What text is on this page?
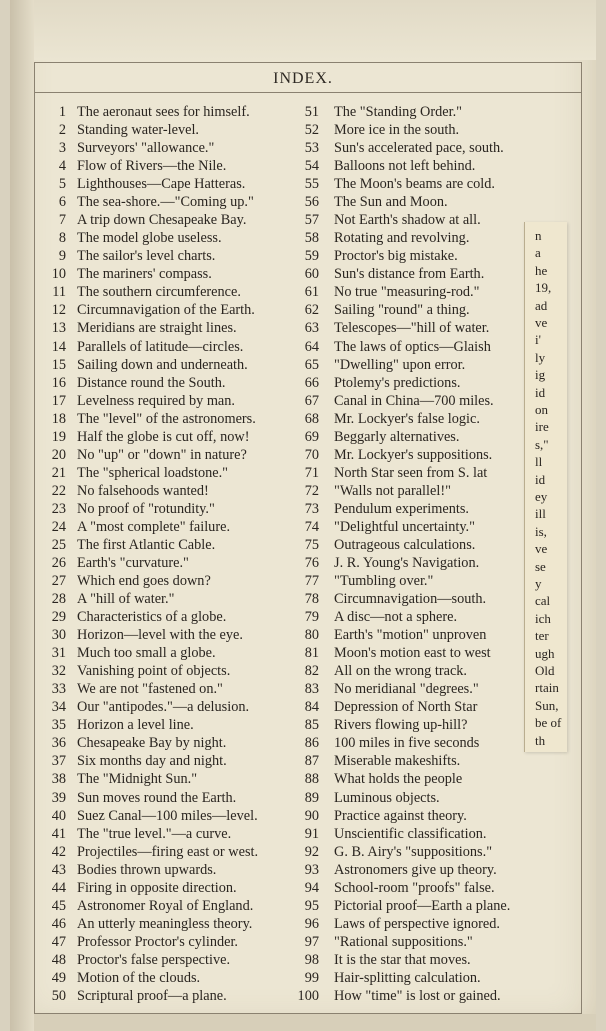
INDEX.
1 The aeronaut sees for himself.
2 Standing water-level.
3 Surveyors' "allowance."
4 Flow of Rivers—the Nile.
5 Lighthouses—Cape Hatteras.
6 The sea-shore.—"Coming up."
7 A trip down Chesapeake Bay.
8 The model globe useless.
9 The sailor's level charts.
10 The mariners' compass.
11 The southern circumference.
12 Circumnavigation of the Earth.
13 Meridians are straight lines.
14 Parallels of latitude—circles.
15 Sailing down and underneath.
16 Distance round the South.
17 Levelness required by man.
18 The "level" of the astronomers.
19 Half the globe is cut off, now!
20 No "up" or "down" in nature?
21 The "spherical loadstone."
22 No falsehoods wanted!
23 No proof of "rotundity."
24 A "most complete" failure.
25 The first Atlantic Cable.
26 Earth's "curvature."
27 Which end goes down?
28 A "hill of water."
29 Characteristics of a globe.
30 Horizon—level with the eye.
31 Much too small a globe.
32 Vanishing point of objects.
33 We are not "fastened on."
34 Our "antipodes."—a delusion.
35 Horizon a level line.
36 Chesapeake Bay by night.
37 Six months day and night.
38 The "Midnight Sun."
39 Sun moves round the Earth.
40 Suez Canal—100 miles—level.
41 The "true level."—a curve.
42 Projectiles—firing east or west.
43 Bodies thrown upwards.
44 Firing in opposite direction.
45 Astronomer Royal of England.
46 An utterly meaningless theory.
47 Professor Proctor's cylinder.
48 Proctor's false perspective.
49 Motion of the clouds.
50 Scriptural proof—a plane.
51 The "Standing Order."
52 More ice in the south.
53 Sun's accelerated pace, south.
54 Balloons not left behind.
55 The Moon's beams are cold.
56 The Sun and Moon.
57 Not Earth's shadow at all.
58 Rotating and revolving.
59 Proctor's big mistake.
60 Sun's distance from Earth.
61 No true "measuring-rod."
62 Sailing "round" a thing.
63 Telescopes—"hill of water.
64 The laws of optics—Glaish
65 "Dwelling" upon error.
66 Ptolemy's predictions.
67 Canal in China—700 miles.
68 Mr. Lockyer's false logic.
69 Beggarly alternatives.
70 Mr. Lockyer's suppositions.
71 North Star seen from S. lat
72 "Walls not parallel!"
73 Pendulum experiments.
74 "Delightful uncertainty."
75 Outrageous calculations.
76 J. R. Young's Navigation.
77 "Tumbling over."
78 Circumnavigation—south.
79 A disc—not a sphere.
80 Earth's "motion" unproven
81 Moon's motion east to west
82 All on the wrong track.
83 No meridianal "degrees."
84 Depression of North Star
85 Rivers flowing up-hill?
86 100 miles in five seconds
87 Miserable makeshifts.
88 What holds the people
89 Luminous objects.
90 Practice against theory.
91 Unscientific classification.
92 G. B. Airy's "suppositions."
93 Astronomers give up theory.
94 School-room "proofs" false.
95 Pictorial proof—Earth a plane.
96 Laws of perspective ignored.
97 "Rational suppositions."
98 It is the star that moves.
99 Hair-splitting calculation.
100 How "time" is lost or gained.
n
a
he
19,
ad
ve
i'
ly
ig
id
on
ire
s,"
ll
id
ey
ill
is,
ve
se
y
cal
ich
ter
ugh
Old
rtain
Sun,
be of
th
